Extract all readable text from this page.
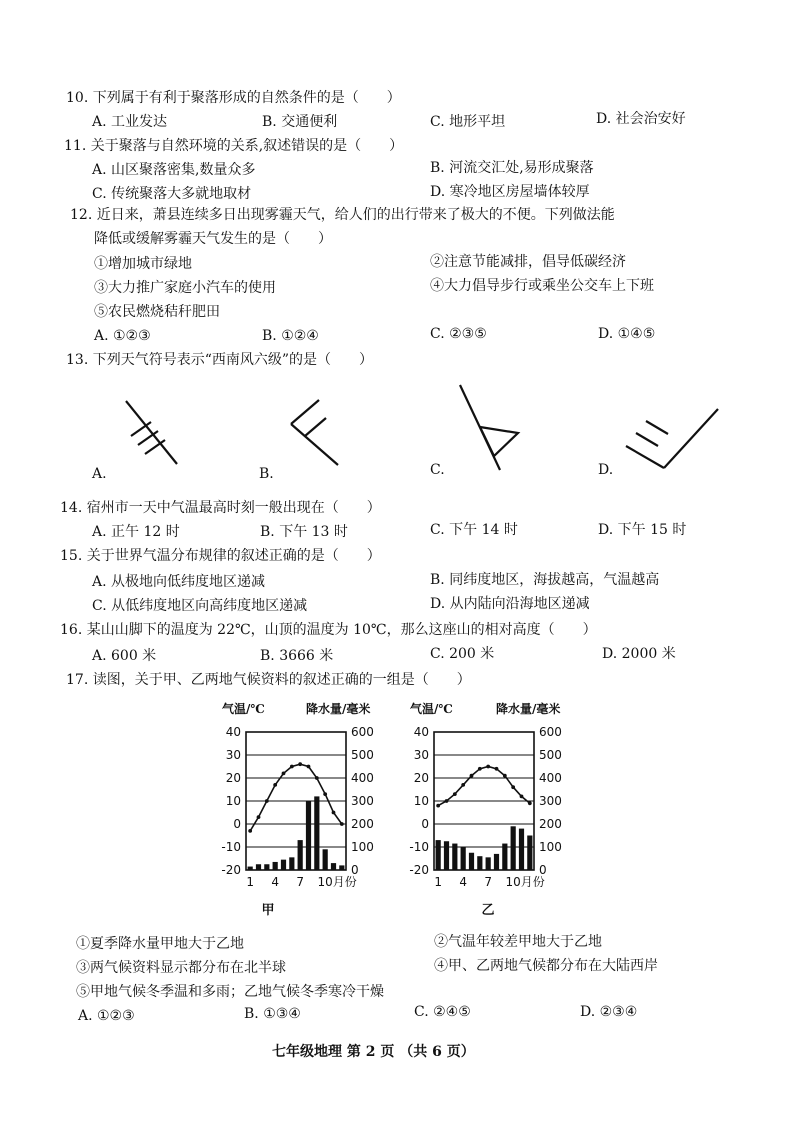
10. 下列属于有利于聚落形成的自然条件的是（　　）
A. 工业发达	B. 交通便利	C. 地形平坦	D. 社会治安好
11. 关于聚落与自然环境的关系,叙述错误的是（　　）
A. 山区聚落密集,数量众多	B. 河流交汇处,易形成聚落
C. 传统聚落大多就地取材	D. 寒冷地区房屋墙体较厚
12. 近日来，萧县连续多日出现雾霾天气，给人们的出行带来了极大的不便。下列做法能
降低或缓解雾霾天气发生的是（　　）
①增加城市绿地	②注意节能减排，倡导低碳经济
③大力推广家庭小汽车的使用	④大力倡导步行或乘坐公交车上下班
⑤农民燃烧秸秆肥田
A. ①②③	B. ①②④	C. ②③⑤	D. ①④⑤
13. 下列天气符号表示“西南风六级”的是（　　）
A.	B.	C.	D.
14. 宿州市一天中气温最高时刻一般出现在（　　）
A. 正午 12 时	B. 下午 13 时	C. 下午 14 时	D. 下午 15 时
15. 关于世界气温分布规律的叙述正确的是（　　）
A. 从极地向低纬度地区递减	B. 同纬度地区，海拔越高，气温越高
C. 从低纬度地区向高纬度地区递减	D. 从内陆向沿海地区递减
16. 某山山脚下的温度为 22℃，山顶的温度为 10℃，那么这座山的相对高度（　　）
A. 600 米	B. 3666 米	C. 200 米	D. 2000 米
17. 读图，关于甲、乙两地气候资料的叙述正确的一组是（　　）
气温/℃	降水量/毫米
40
30
20
10
0
-10
-20
600
500
400
300
200
100
0
1 4 7 10月份
甲
气温/℃	降水量/毫米
40
30
20
10
0
-10
-20
600
500
400
300
200
100
0
1 4 7 10月份
乙
①夏季降水量甲地大于乙地	②气温年较差甲地大于乙地
③两气候资料显示都分布在北半球	④甲、乙两地气候都分布在大陆西岸
⑤甲地气候冬季温和多雨；乙地气候冬季寒冷干燥
A. ①②③	B. ①③④	C. ②④⑤	D. ②③④
七年级地理 第 2 页 （共 6 页）
